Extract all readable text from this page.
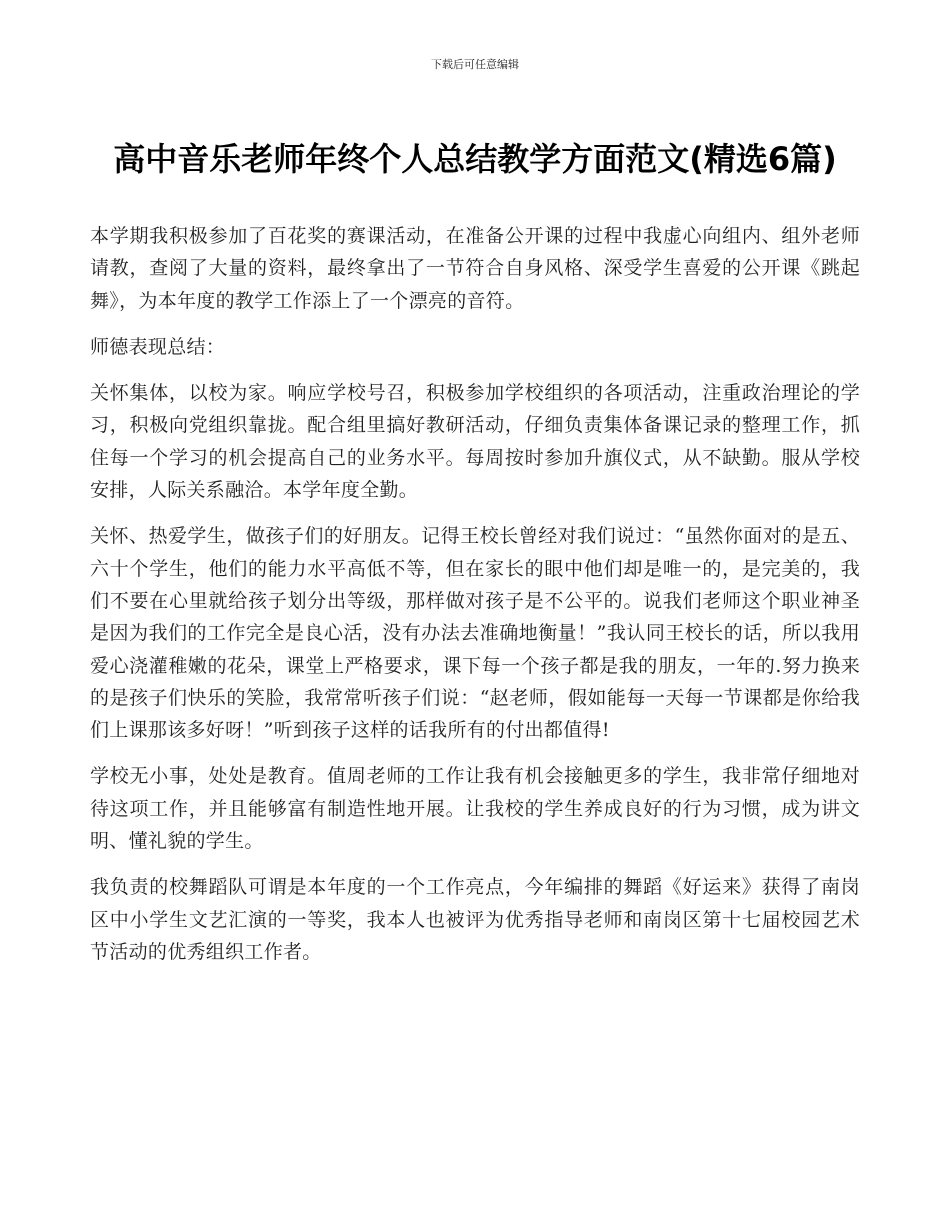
下载后可任意编辑
高中音乐老师年终个人总结教学方面范文(精选6篇)

本学期我积极参加了百花奖的赛课活动，在准备公开课的过程中我虚心向组内、组外老师请教，查阅了大量的资料，最终拿出了一节符合自身风格、深受学生喜爱的公开课《跳起舞》，为本年度的教学工作添上了一个漂亮的音符。

师德表现总结：

关怀集体，以校为家。响应学校号召，积极参加学校组织的各项活动，注重政治理论的学习，积极向党组织靠拢。配合组里搞好教研活动，仔细负责集体备课记录的整理工作，抓住每一个学习的机会提高自己的业务水平。每周按时参加升旗仪式，从不缺勤。服从学校安排，人际关系融洽。本学年度全勤。

关怀、热爱学生，做孩子们的好朋友。记得王校长曾经对我们说过：“虽然你面对的是五、六十个学生，他们的能力水平高低不等，但在家长的眼中他们却是唯一的，是完美的，我们不要在心里就给孩子划分出等级，那样做对孩子是不公平的。说我们老师这个职业神圣是因为我们的工作完全是良心活，没有办法去准确地衡量！”我认同王校长的话，所以我用爱心浇灌稚嫩的花朵，课堂上严格要求，课下每一个孩子都是我的朋友，一年的.努力换来的是孩子们快乐的笑脸，我常常听孩子们说：“赵老师，假如能每一天每一节课都是你给我们上课那该多好呀！”听到孩子这样的话我所有的付出都值得!

学校无小事，处处是教育。值周老师的工作让我有机会接触更多的学生，我非常仔细地对待这项工作，并且能够富有制造性地开展。让我校的学生养成良好的行为习惯，成为讲文明、懂礼貌的学生。

我负责的校舞蹈队可谓是本年度的一个工作亮点，今年编排的舞蹈《好运来》获得了南岗区中小学生文艺汇演的一等奖，我本人也被评为优秀指导老师和南岗区第十七届校园艺术节活动的优秀组织工作者。
